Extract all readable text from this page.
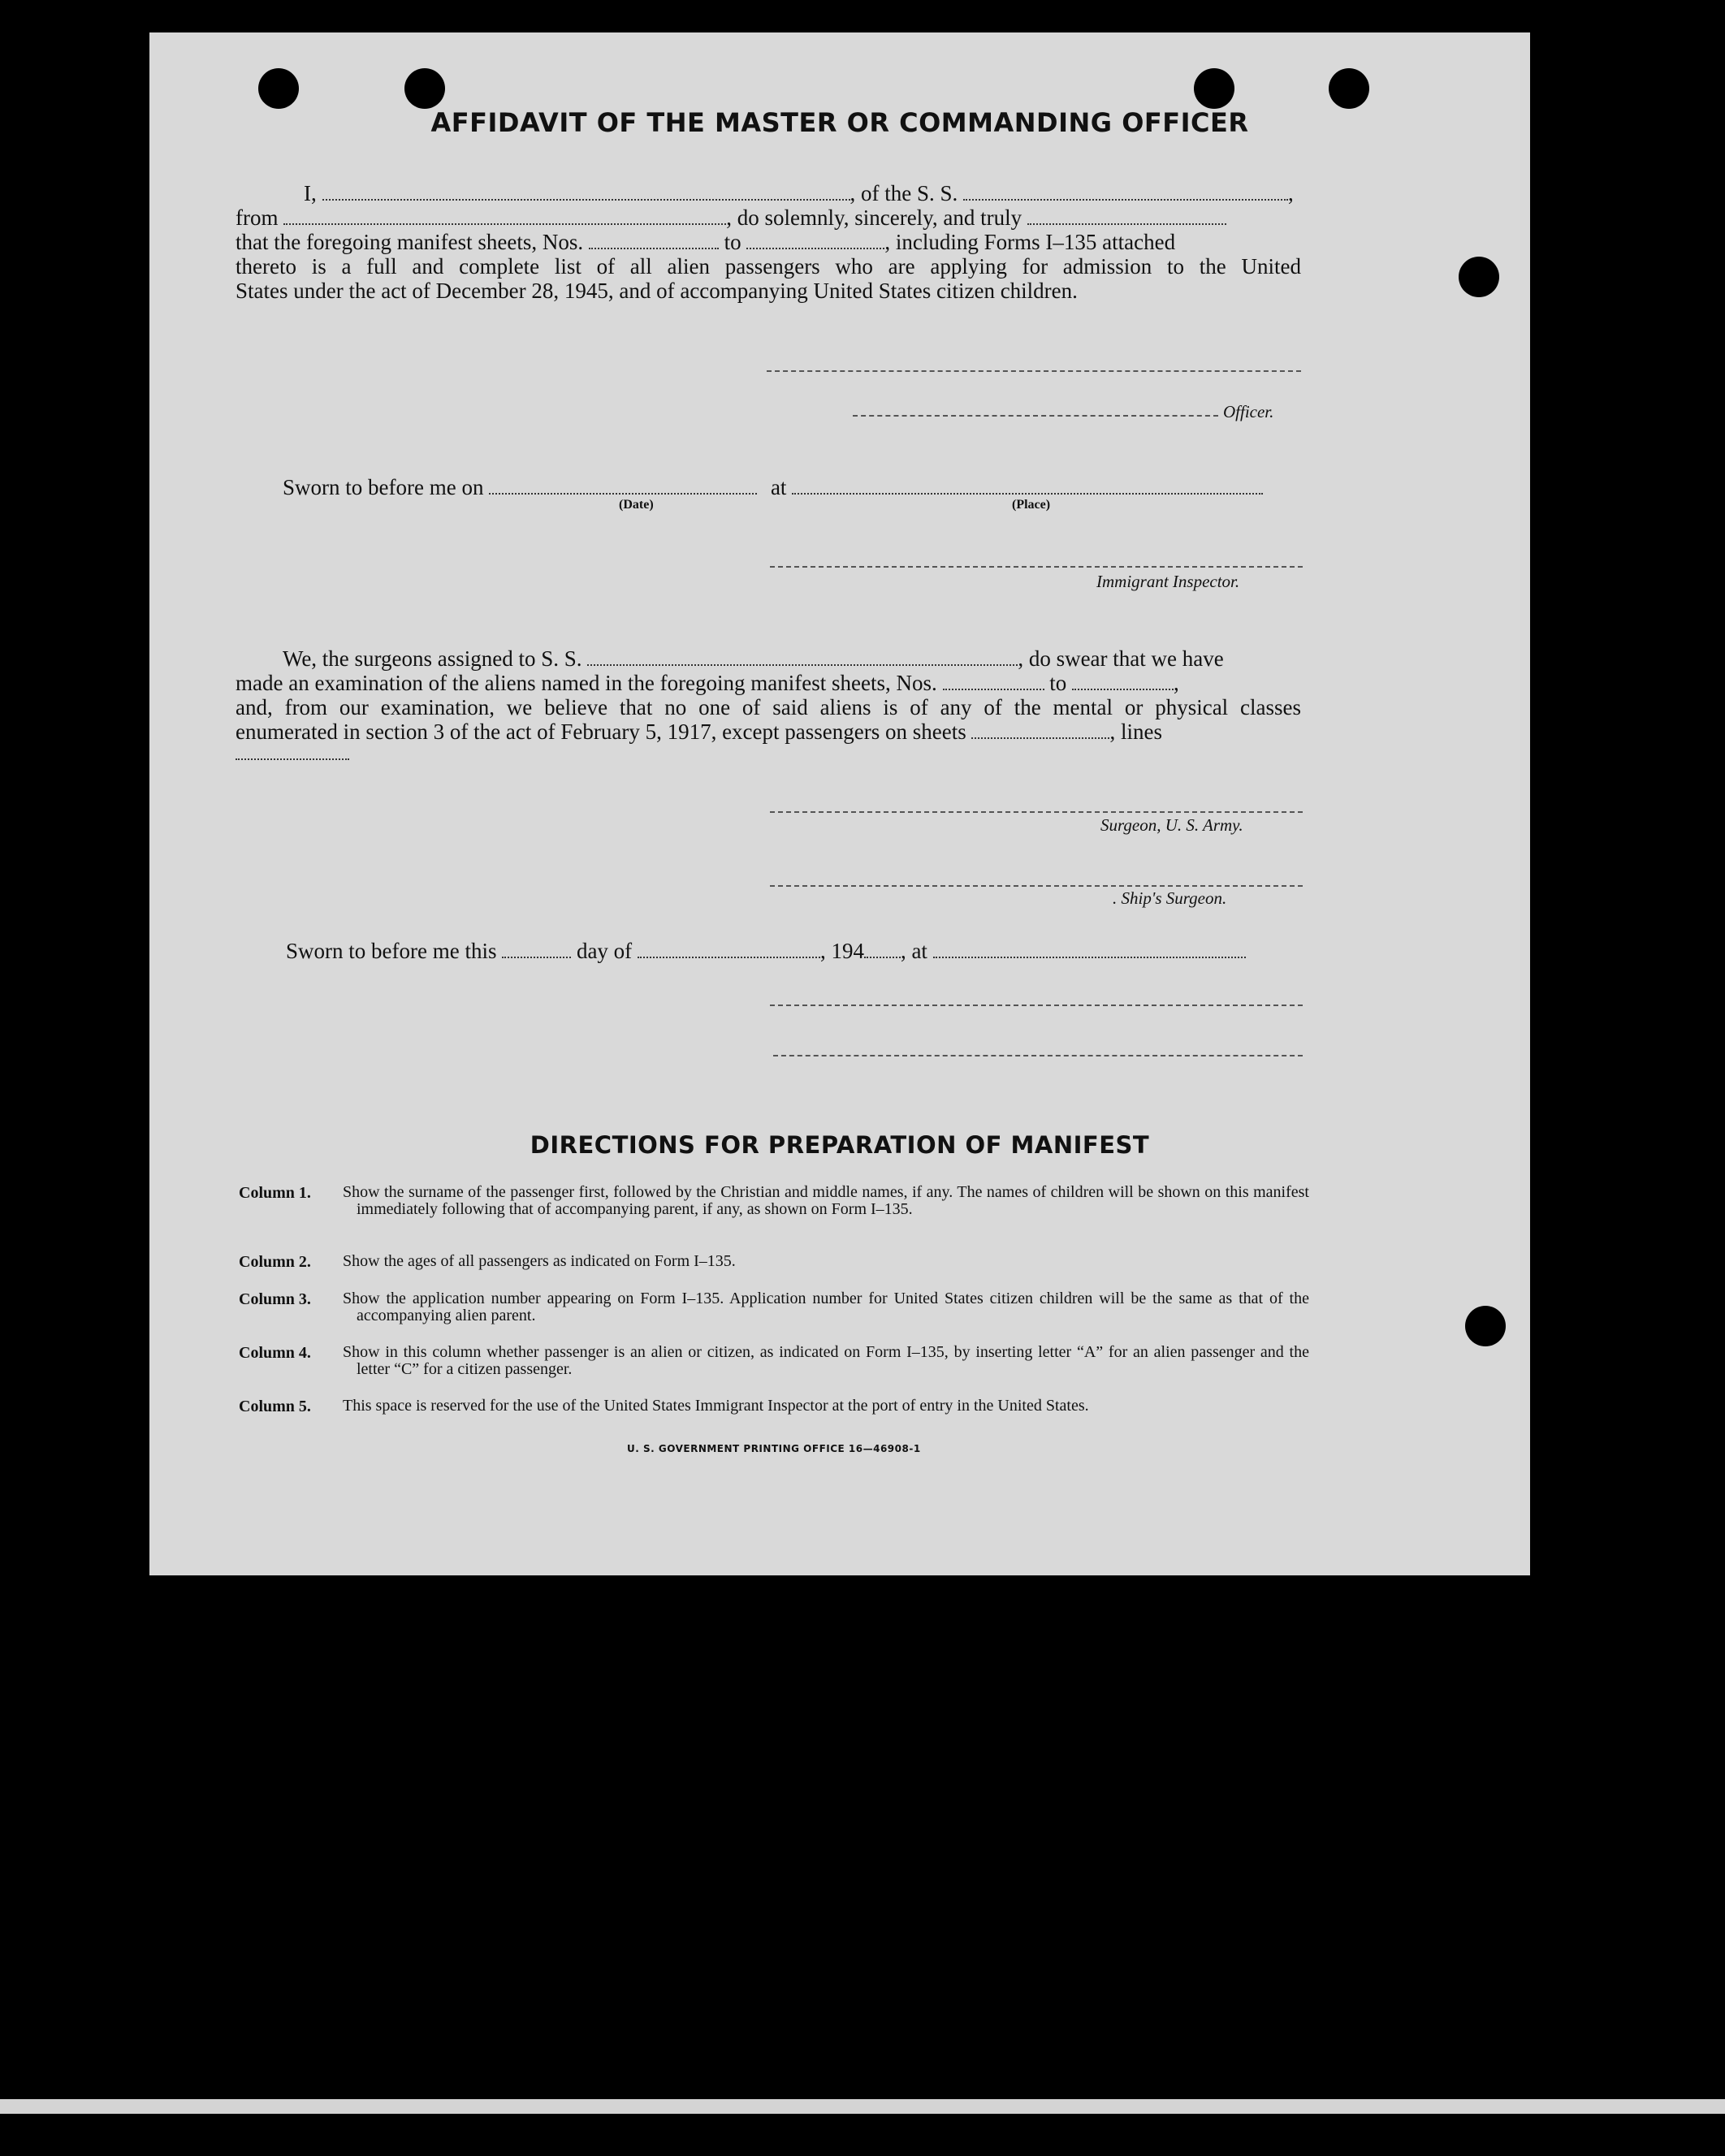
AFFIDAVIT OF THE MASTER OR COMMANDING OFFICER
I,	, of the S. S.	,
from	, do solemnly, sincerely, and truly
that the foregoing manifest sheets, Nos.	to	, including Forms I–135 attached
thereto is a full and complete list of all alien passengers who are applying for admission to the United
States under the act of December 28, 1945, and of accompanying United States citizen children.
Officer.
Sworn to before me on	at
(Date)	(Place)
Immigrant Inspector.
We, the surgeons assigned to S. S.	, do swear that we have
made an examination of the aliens named in the foregoing manifest sheets, Nos.	to	,
and, from our examination, we believe that no one of said aliens is of any of the mental or physical classes
enumerated in section 3 of the act of February 5, 1917, except passengers on sheets	, lines
Surgeon, U. S. Army.
. Ship's Surgeon.
Sworn to before me this	day of	, 194 , at
DIRECTIONS FOR PREPARATION OF MANIFEST
Column 1. Show the surname of the passenger first, followed by the Christian and middle names, if any. The names of children will be shown on this manifest immediately following that of accompanying parent, if any, as shown on Form I–135.
Column 2. Show the ages of all passengers as indicated on Form I–135.
Column 3. Show the application number appearing on Form I–135. Application number for United States citizen children will be the same as that of the accompanying alien parent.
Column 4. Show in this column whether passenger is an alien or citizen, as indicated on Form I–135, by inserting letter “A” for an alien passenger and the letter “C” for a citizen passenger.
Column 5. This space is reserved for the use of the United States Immigrant Inspector at the port of entry in the United States.
U. S. GOVERNMENT PRINTING OFFICE 16—46908-1
